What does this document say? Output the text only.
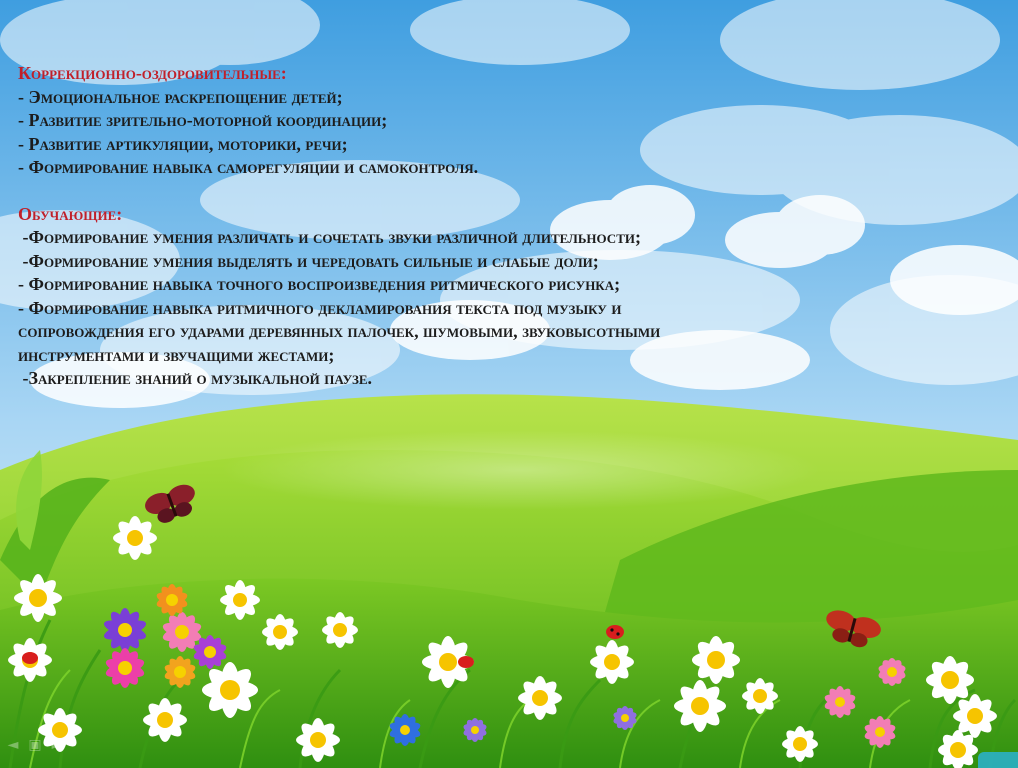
Коррекционно-оздоровительные:
- Эмоциональное раскрепощение детей;
- Развитие зрительно-моторной координации;
- Развитие артикуляции, моторики, речи;
- Формирование навыка саморегуляции и самоконтроля.
Обучающие:
-Формирование умения различать и сочетать звуки различной длительности;
-Формирование умения выделять и чередовать сильные и слабые доли;
- Формирование навыка точного воспроизведения ритмического рисунка;
- Формирование навыка ритмичного декламирования текста под музыку и
сопровождения его ударами деревянных палочек, шумовыми, звуковысотными
инструментами и звучащими жестами;
-Закрепление знаний о музыкальной паузе.
◄ ▣ ►
